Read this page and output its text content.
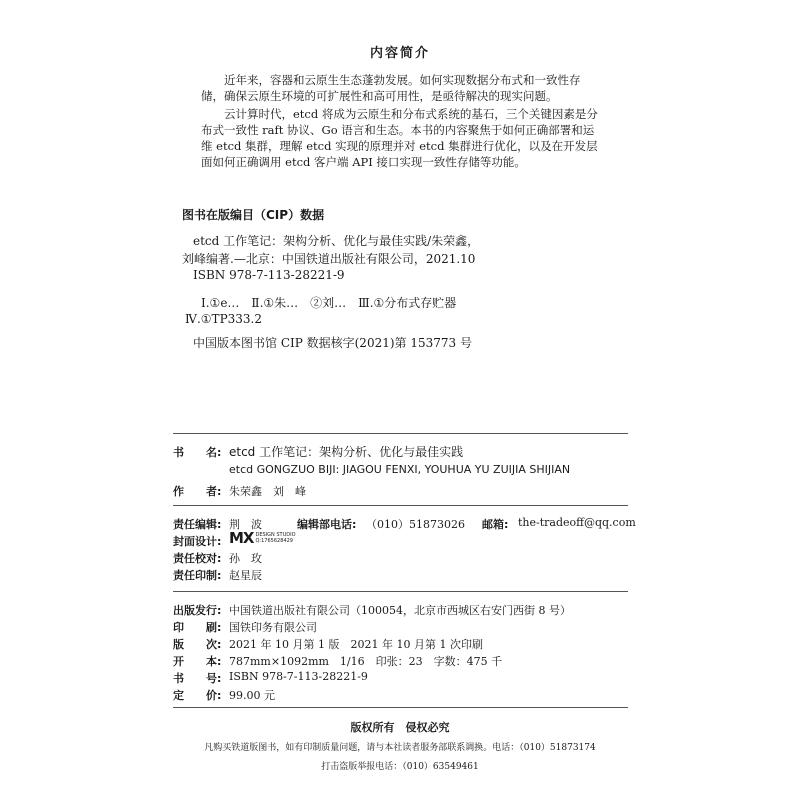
内容简介
近年来，容器和云原生生态蓬勃发展。如何实现数据分布式和一致性存储，确保云原生环境的可扩展性和高可用性，是亟待解决的现实问题。
云计算时代，etcd 将成为云原生和分布式系统的基石，三个关键因素是分布式一致性 raft 协议、Go 语言和生态。本书的内容聚焦于如何正确部署和运维 etcd 集群，理解 etcd 实现的原理并对 etcd 集群进行优化，以及在开发层面如何正确调用 etcd 客户端 API 接口实现一致性存储等功能。
图书在版编目（CIP）数据
etcd 工作笔记：架构分析、优化与最佳实践/朱荣鑫，
刘峰编著.—北京：中国铁道出版社有限公司，2021.10
ISBN 978-7-113-28221-9
Ⅰ.①e…　Ⅱ.①朱…　②刘…　Ⅲ.①分布式存贮器
Ⅳ.①TP333.2
中国版本图书馆 CIP 数据核字(2021)第 153773 号
书　　名: etcd 工作笔记：架构分析、优化与最佳实践
etcd GONGZUO BIJI: JIAGOU FENXI, YOUHUA YU ZUIJIA SHIJIAN
作　　者: 朱荣鑫　刘　峰
责任编辑: 荆　波	编辑部电话: （010）51873026 邮箱: the-tradeoff@qq.com
封面设计: MX DESIGN STUDIO
Q:1765628429
责任校对: 孙　玫
责任印制: 赵星辰
出版发行: 中国铁道出版社有限公司（100054，北京市西城区右安门西街 8 号）
印　　刷: 国铁印务有限公司
版　　次: 2021 年 10 月第 1 版　2021 年 10 月第 1 次印刷
开　　本: 787mm×1092mm　1/16　印张：23　字数：475 千
书　　号: ISBN 978-7-113-28221-9
定　　价: 99.00 元
版权所有　侵权必究
凡购买铁道版图书，如有印制质量问题，请与本社读者服务部联系调换。电话：（010）51873174
打击盗版举报电话：（010）63549461
